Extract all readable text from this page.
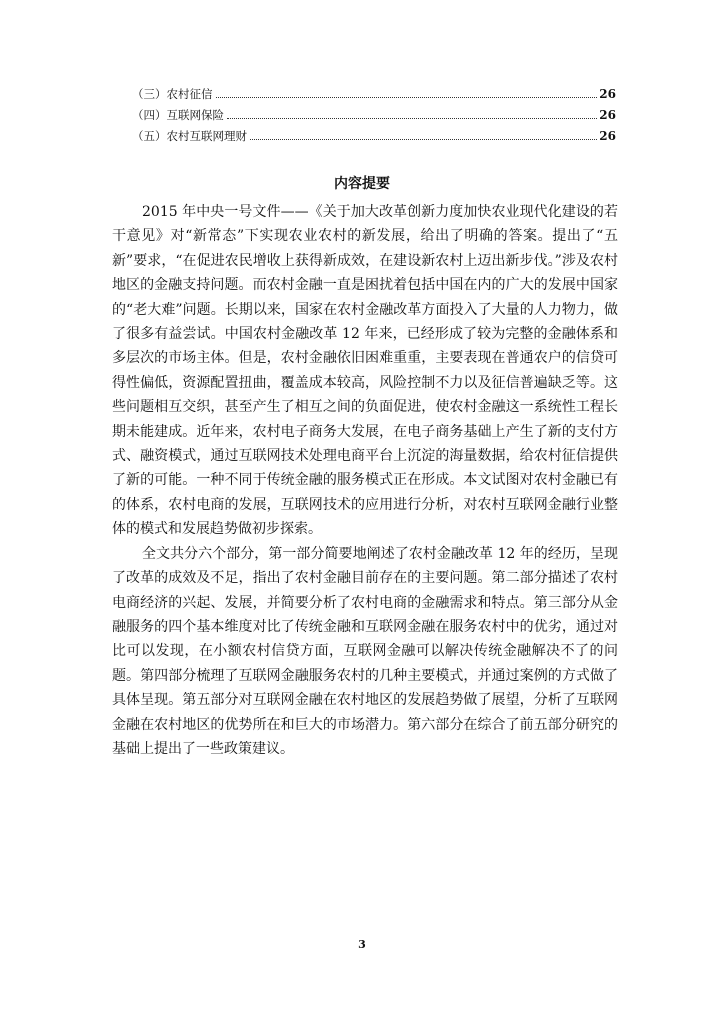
（三）农村征信	26
（四）互联网保险	26
（五）农村互联网理财	26
内容提要

2015 年中央一号文件——《关于加大改革创新力度加快农业现代化建设的若干意见》对“新常态”下实现农业农村的新发展，给出了明确的答案。提出了“五新”要求，“在促进农民增收上获得新成效，在建设新农村上迈出新步伐。”涉及农村地区的金融支持问题。而农村金融一直是困扰着包括中国在内的广大的发展中国家的“老大难”问题。长期以来，国家在农村金融改革方面投入了大量的人力物力，做了很多有益尝试。中国农村金融改革 12 年来，已经形成了较为完整的金融体系和多层次的市场主体。但是，农村金融依旧困难重重，主要表现在普通农户的信贷可得性偏低，资源配置扭曲，覆盖成本较高，风险控制不力以及征信普遍缺乏等。这些问题相互交织，甚至产生了相互之间的负面促进，使农村金融这一系统性工程长期未能建成。近年来，农村电子商务大发展，在电子商务基础上产生了新的支付方式、融资模式，通过互联网技术处理电商平台上沉淀的海量数据，给农村征信提供了新的可能。一种不同于传统金融的服务模式正在形成。本文试图对农村金融已有的体系，农村电商的发展，互联网技术的应用进行分析，对农村互联网金融行业整体的模式和发展趋势做初步探索。

全文共分六个部分，第一部分简要地阐述了农村金融改革 12 年的经历，呈现了改革的成效及不足，指出了农村金融目前存在的主要问题。第二部分描述了农村电商经济的兴起、发展，并简要分析了农村电商的金融需求和特点。第三部分从金融服务的四个基本维度对比了传统金融和互联网金融在服务农村中的优劣，通过对比可以发现，在小额农村信贷方面，互联网金融可以解决传统金融解决不了的问题。第四部分梳理了互联网金融服务农村的几种主要模式，并通过案例的方式做了具体呈现。第五部分对互联网金融在农村地区的发展趋势做了展望，分析了互联网金融在农村地区的优势所在和巨大的市场潜力。第六部分在综合了前五部分研究的基础上提出了一些政策建议。

3
